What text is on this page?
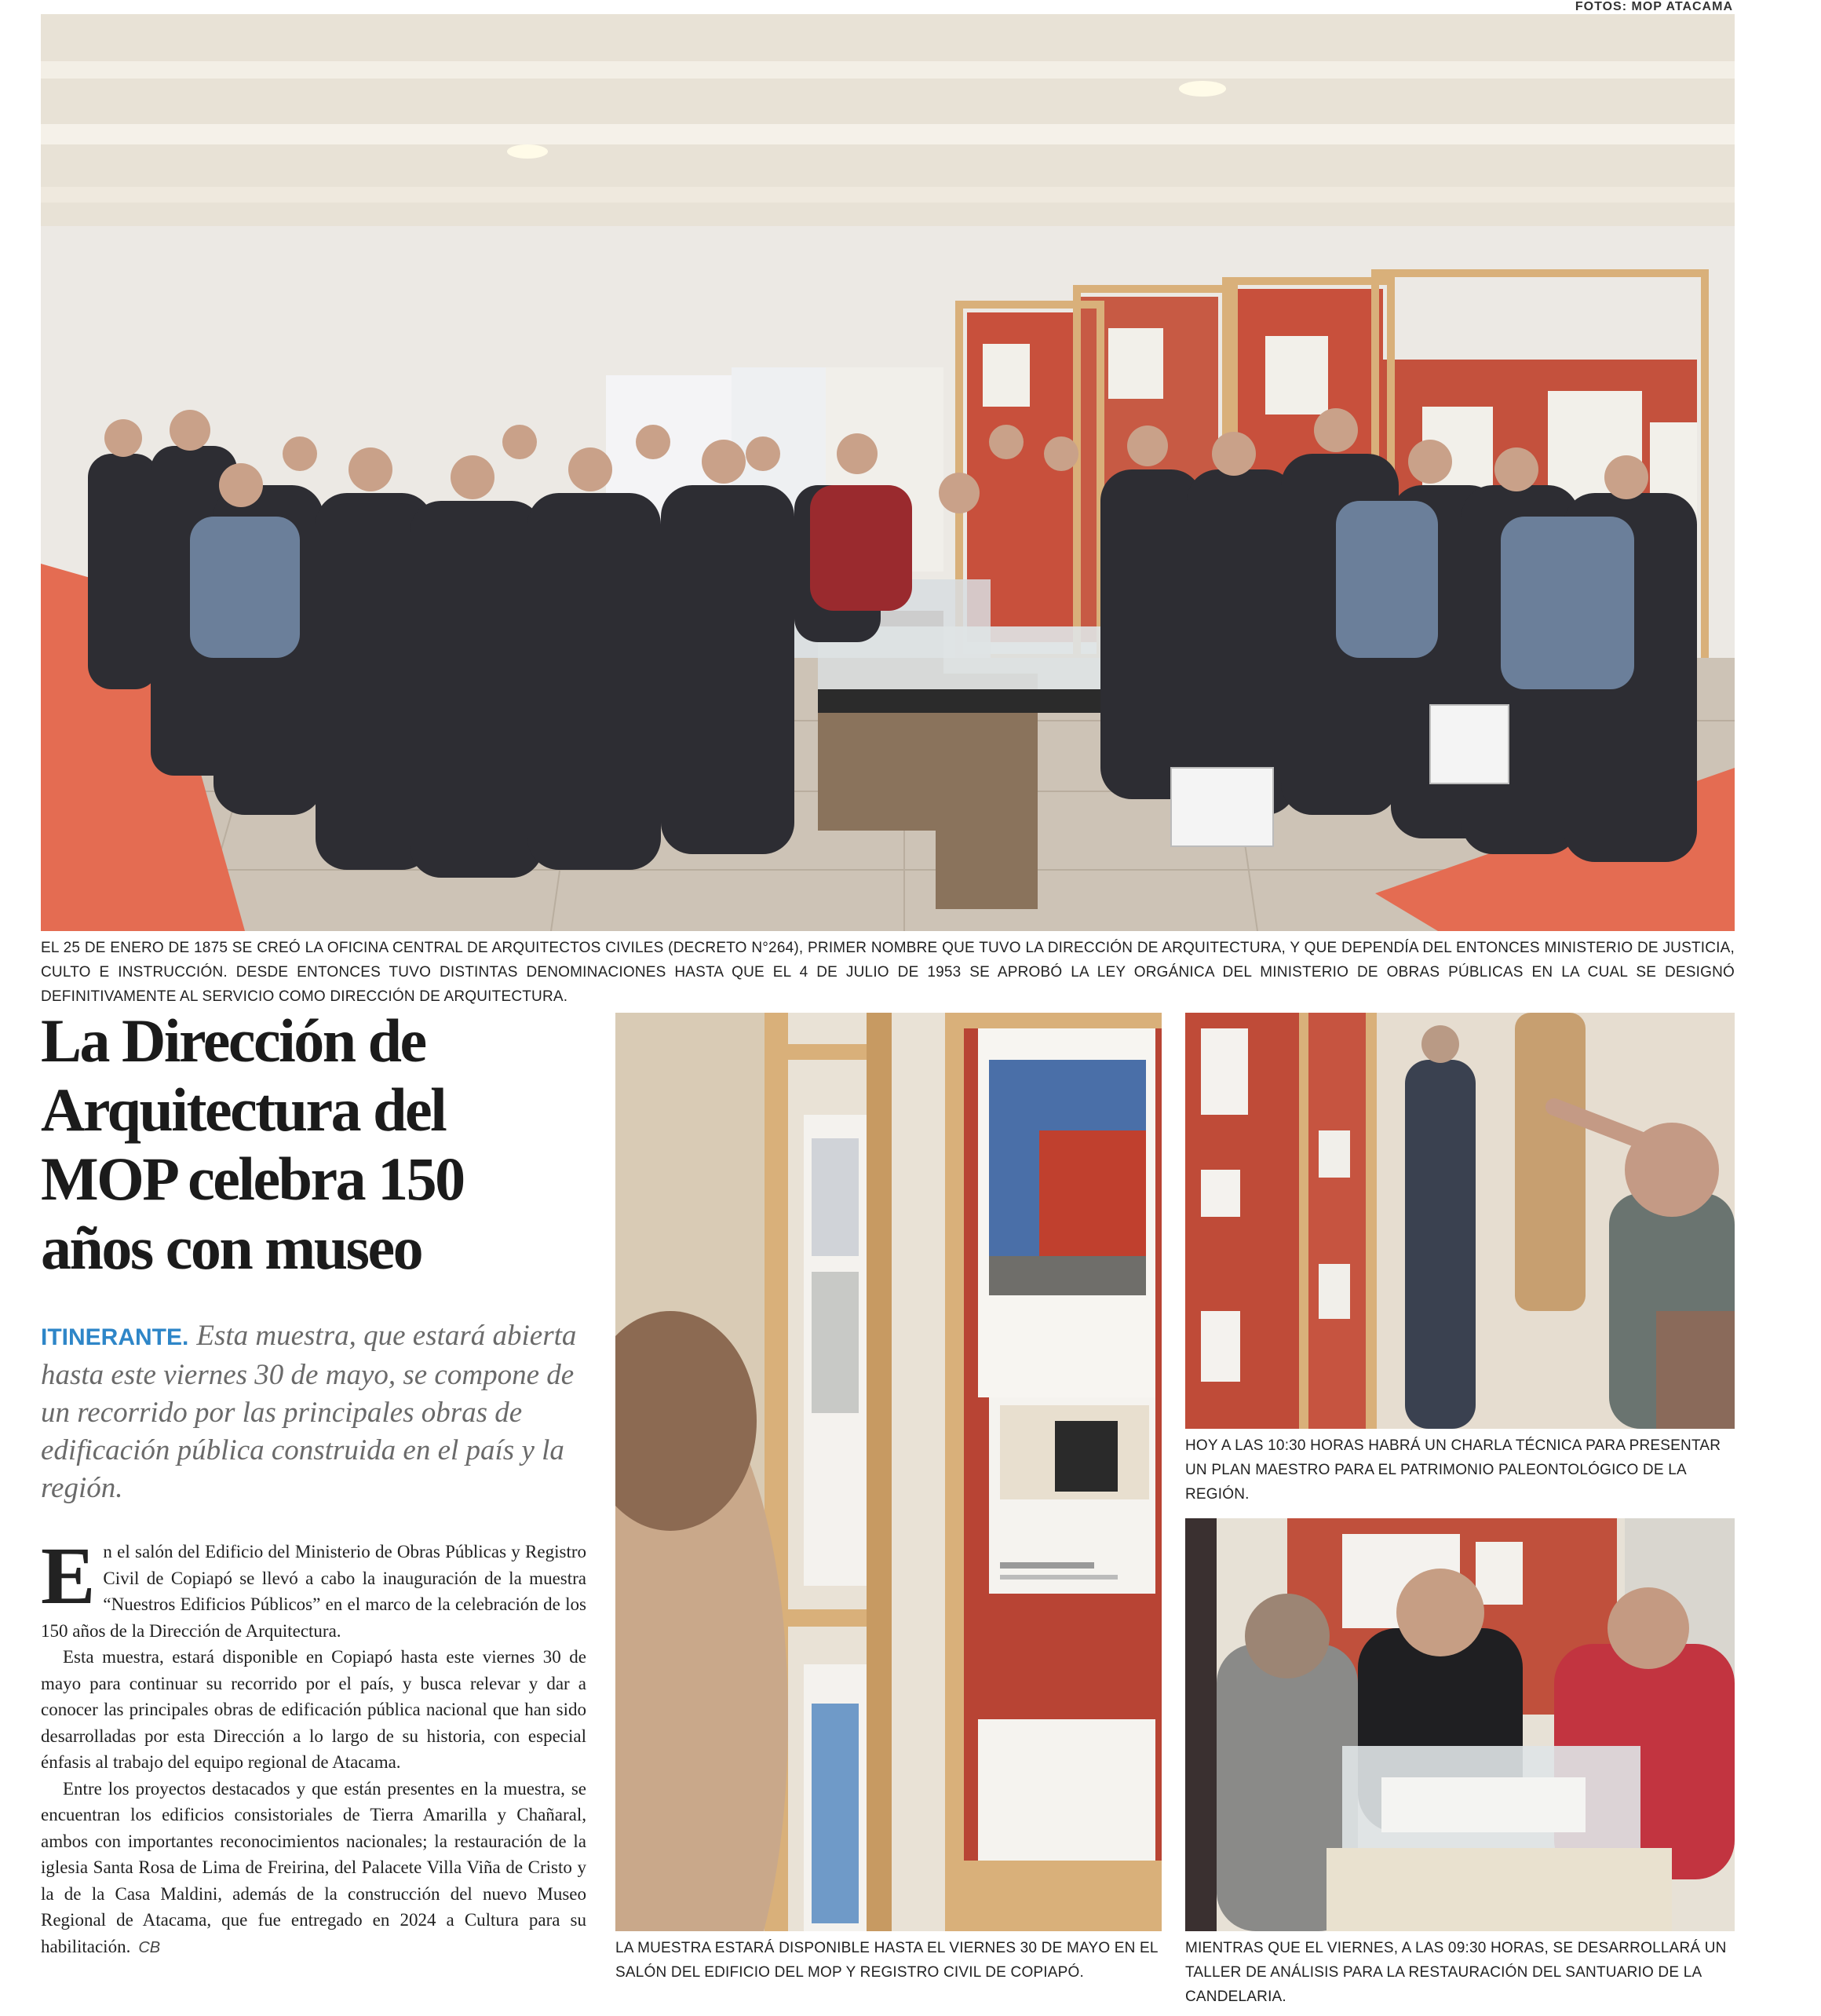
FOTOS: MOP ATACAMA
EL 25 DE ENERO DE 1875 SE CREÓ LA OFICINA CENTRAL DE ARQUITECTOS CIVILES (DECRETO N°264), PRIMER NOMBRE QUE TUVO LA DIRECCIÓN DE ARQUITECTURA, Y QUE DEPENDÍA DEL ENTONCES MINISTERIO DE JUSTICIA, CULTO E INSTRUCCIÓN. DESDE ENTONCES TUVO DISTINTAS DENOMINACIONES HASTA QUE EL 4 DE JULIO DE 1953 SE APROBÓ LA LEY ORGÁNICA DEL MINISTERIO DE OBRAS PÚBLICAS EN LA CUAL SE DESIGNÓ DEFINITIVAMENTE AL SERVICIO COMO DIRECCIÓN DE ARQUITECTURA.
La Dirección de
Arquitectura del
MOP celebra 150
años con museo

ITINERANTE. Esta muestra, que estará abierta hasta este viernes 30 de mayo, se compone de un recorrido por las principales obras de edificación pública construida en el país y la región.

En el salón del Edificio del Ministerio de Obras Públicas y Registro Civil de Copiapó se llevó a cabo la inauguración de la muestra “Nuestros Edificios Públicos” en el marco de la celebración de los 150 años de la Dirección de Arquitectura.

Esta muestra, estará disponible en Copiapó hasta este viernes 30 de mayo para continuar su recorrido por el país, y busca relevar y dar a conocer las principales obras de edificación pública nacional que han sido desarrolladas por esta Dirección a lo largo de su historia, con especial énfasis al trabajo del equipo regional de Atacama.

Entre los proyectos destacados y que están presentes en la muestra, se encuentran los edificios consistoriales de Tierra Amarilla y Chañaral, ambos con importantes reconocimientos nacionales; la restauración de la iglesia Santa Rosa de Lima de Freirina, del Palacete Villa Viña de Cristo y la de la Casa Maldini, además de la construcción del nuevo Museo Regional de Atacama, que fue entregado en 2024 a Cultura para su habilitación. CB	LA MUESTRA ESTARÁ DISPONIBLE HASTA EL VIERNES 30 DE MAYO EN EL SALÓN DEL EDIFICIO DEL MOP Y REGISTRO CIVIL DE COPIAPÓ.
HOY A LAS 10:30 HORAS HABRÁ UN CHARLA TÉCNICA PARA PRESENTAR UN PLAN MAESTRO PARA EL PATRIMONIO PALEONTOLÓGICO DE LA REGIÓN.
MIENTRAS QUE EL VIERNES, A LAS 09:30 HORAS, SE DESARROLLARÁ UN TALLER DE ANÁLISIS PARA LA RESTAURACIÓN DEL SANTUARIO DE LA CANDELARIA.
